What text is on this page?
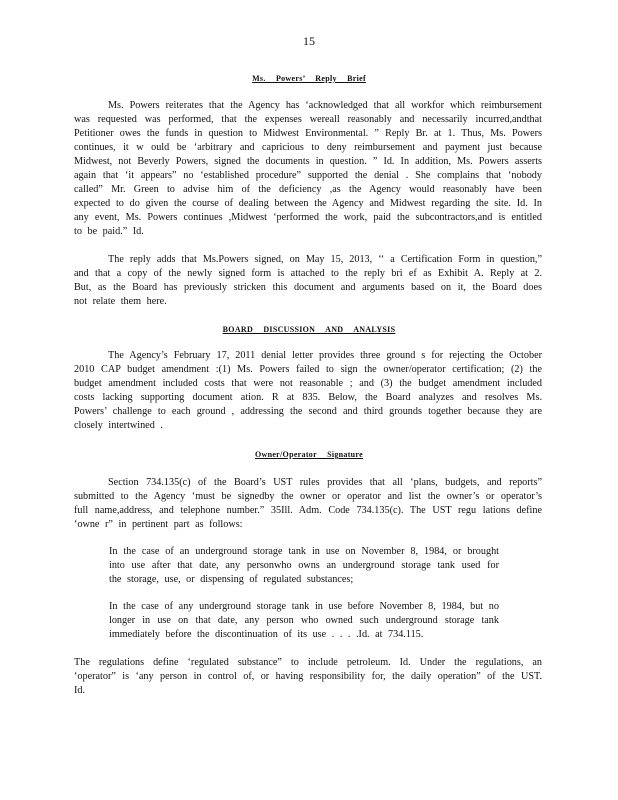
15
Ms. Powers’ Reply Brief

Ms. Powers reiterates that the Agency has ‘acknowledged that all workfor which reimbursement was requested was performed, that the expenses wereall reasonably and necessarily incurred,andthat Petitioner owes the funds in question to Midwest Environmental. ” Reply Br. at 1. Thus, Ms. Powers continues, it w ould be ‘arbitrary and capricious to deny reimbursement and payment just because Midwest, not Beverly Powers, signed the documents in question. ” Id. In addition, Ms. Powers asserts again that ‘it appears” no ‘established procedure” supported the denial . She complains that ‘nobody called” Mr. Green to advise him of the deficiency ,as the Agency would reasonably have been expected to do given the course of dealing between the Agency and Midwest regarding the site. Id. In any event, Ms. Powers continues ,Midwest ‘performed the work, paid the subcontractors,and is entitled to be paid.” Id.

The reply adds that Ms.Powers signed, on May 15, 2013, ‘‘ a Certification Form in question,” and that a copy of the newly signed form is attached to the reply bri ef as Exhibit A. Reply at 2. But, as the Board has previously stricken this document and arguments based on it, the Board does not relate them here.

BOARD DISCUSSION AND ANALYSIS

The Agency’s February 17, 2011 denial letter provides three ground s for rejecting the October 2010 CAP budget amendment :(1) Ms. Powers failed to sign the owner/operator certification; (2) the budget amendment included costs that were not reasonable ; and (3) the budget amendment included costs lacking supporting document ation. R at 835. Below, the Board analyzes and resolves Ms. Powers’ challenge to each ground , addressing the second and third grounds together because they are closely intertwined .

Owner/Operator Signature

Section 734.135(c) of the Board’s UST rules provides that all ‘plans, budgets, and reports” submitted to the Agency ‘must be signedby the owner or operator and list the owner’s or operator’s full name,address, and telephone number.” 35Ill. Adm. Code 734.135(c). The UST regu lations define ‘owne r” in pertinent part as follows:

In the case of an underground storage tank in use on November 8, 1984, or brought into use after that date, any personwho owns an underground storage tank used for the storage, use, or dispensing of regulated substances;

In the case of any underground storage tank in use before November 8, 1984, but no longer in use on that date, any person who owned such underground storage tank immediately before the discontinuation of its use . . . .Id. at 734.115.

The regulations define ‘regulated substance” to include petroleum. Id. Under the regulations, an ‘operator” is ‘any person in control of, or having responsibility for, the daily operation” of the UST. Id.
